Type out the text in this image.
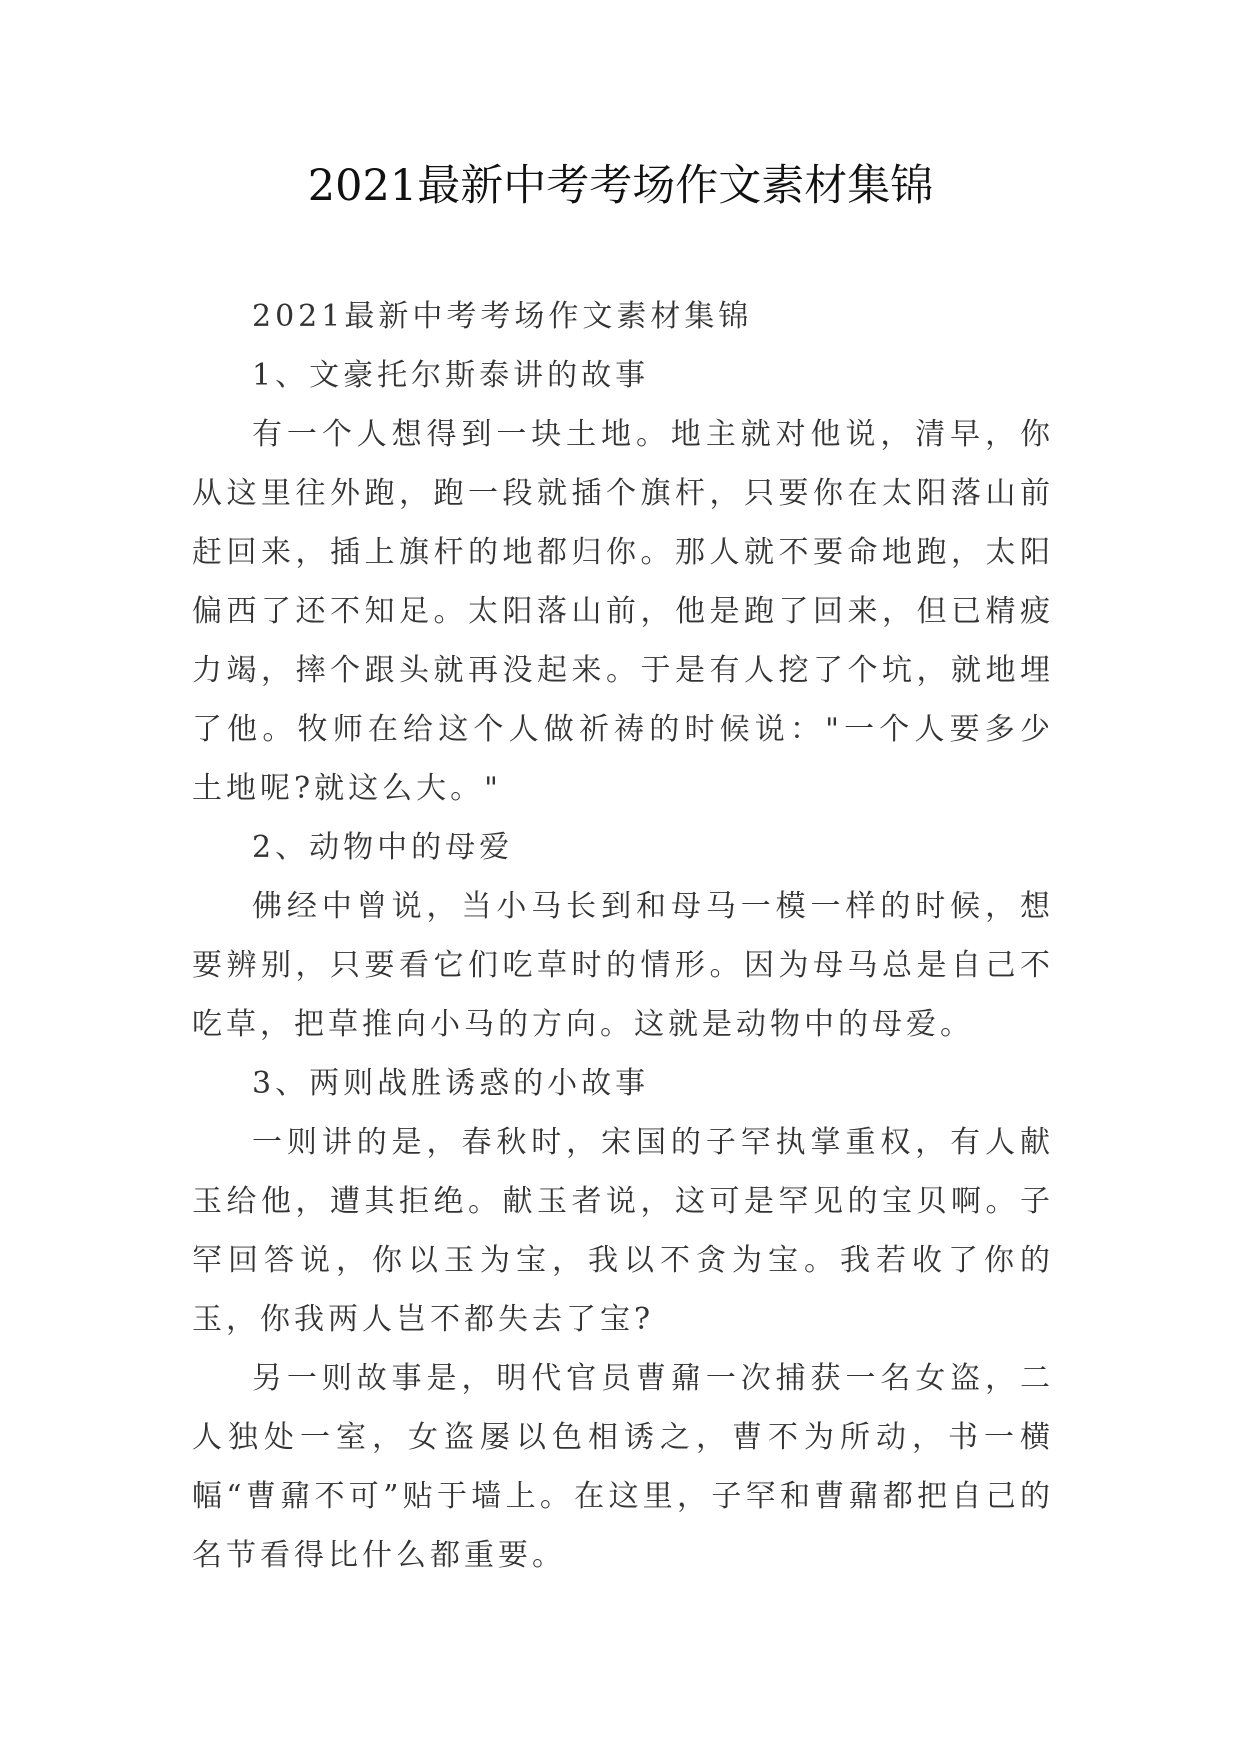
2021最新中考考场作文素材集锦

2021最新中考考场作文素材集锦

1、文豪托尔斯泰讲的故事

有一个人想得到一块土地。地主就对他说，清早，你从这里往外跑，跑一段就插个旗杆，只要你在太阳落山前赶回来，插上旗杆的地都归你。那人就不要命地跑，太阳偏西了还不知足。太阳落山前，他是跑了回来，但已精疲力竭，摔个跟头就再没起来。于是有人挖了个坑，就地埋了他。牧师在给这个人做祈祷的时候说："一个人要多少土地呢?就这么大。"

2、动物中的母爱

佛经中曾说，当小马长到和母马一模一样的时候，想要辨别，只要看它们吃草时的情形。因为母马总是自己不吃草，把草推向小马的方向。这就是动物中的母爱。

3、两则战胜诱惑的小故事

一则讲的是，春秋时，宋国的子罕执掌重权，有人献玉给他，遭其拒绝。献玉者说，这可是罕见的宝贝啊。子罕回答说，你以玉为宝，我以不贪为宝。我若收了你的玉，你我两人岂不都失去了宝?

另一则故事是，明代官员曹鼐一次捕获一名女盗，二人独处一室，女盗屡以色相诱之，曹不为所动，书一横幅“曹鼐不可”贴于墙上。在这里，子罕和曹鼐都把自己的名节看得比什么都重要。
